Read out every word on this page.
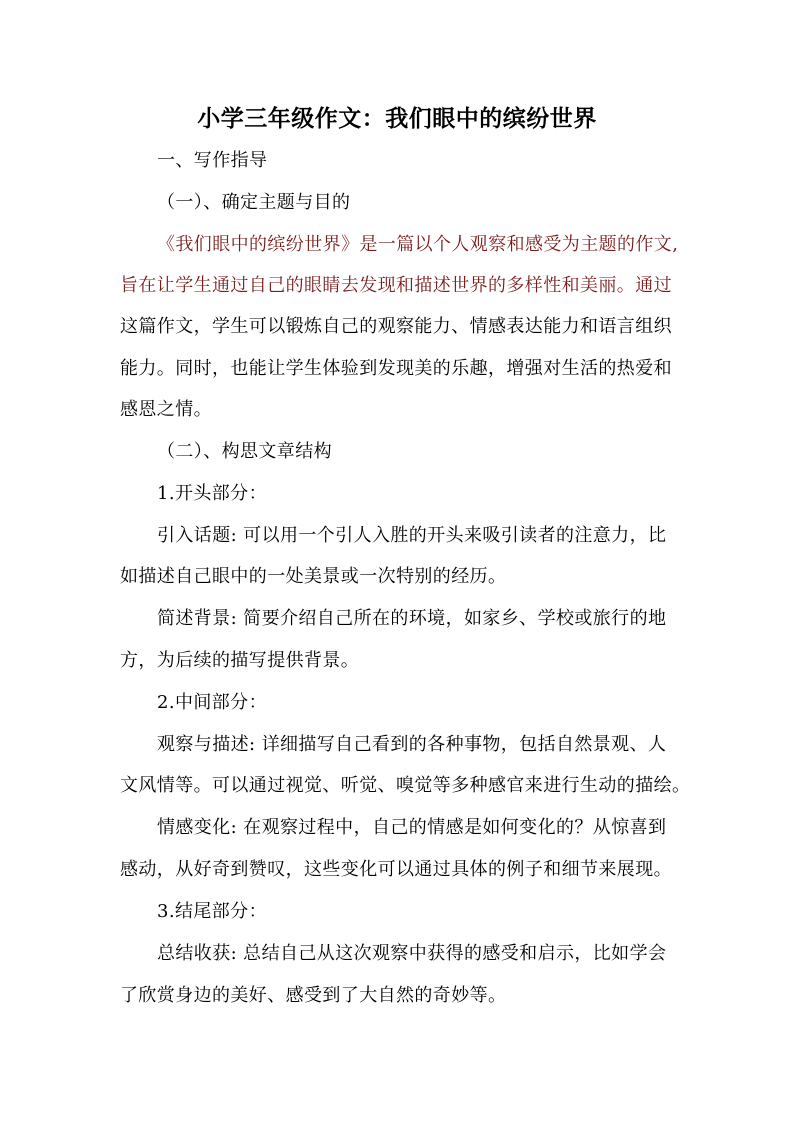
小学三年级作文：我们眼中的缤纷世界
一、写作指导
（一）、确定主题与目的
《我们眼中的缤纷世界》是一篇以个人观察和感受为主题的作文,
旨在让学生通过自己的眼睛去发现和描述世界的多样性和美丽。通过
这篇作文，学生可以锻炼自己的观察能力、情感表达能力和语言组织
能力。同时，也能让学生体验到发现美的乐趣，增强对生活的热爱和
感恩之情。
（二）、构思文章结构
1.开头部分：
引入话题: 可以用一个引人入胜的开头来吸引读者的注意力，比
如描述自己眼中的一处美景或一次特别的经历。
简述背景: 简要介绍自己所在的环境，如家乡、学校或旅行的地
方，为后续的描写提供背景。
2.中间部分：
观察与描述: 详细描写自己看到的各种事物，包括自然景观、人
文风情等。可以通过视觉、听觉、嗅觉等多种感官来进行生动的描绘。
情感变化: 在观察过程中，自己的情感是如何变化的？从惊喜到
感动，从好奇到赞叹，这些变化可以通过具体的例子和细节来展现。
3.结尾部分：
总结收获: 总结自己从这次观察中获得的感受和启示，比如学会
了欣赏身边的美好、感受到了大自然的奇妙等。
